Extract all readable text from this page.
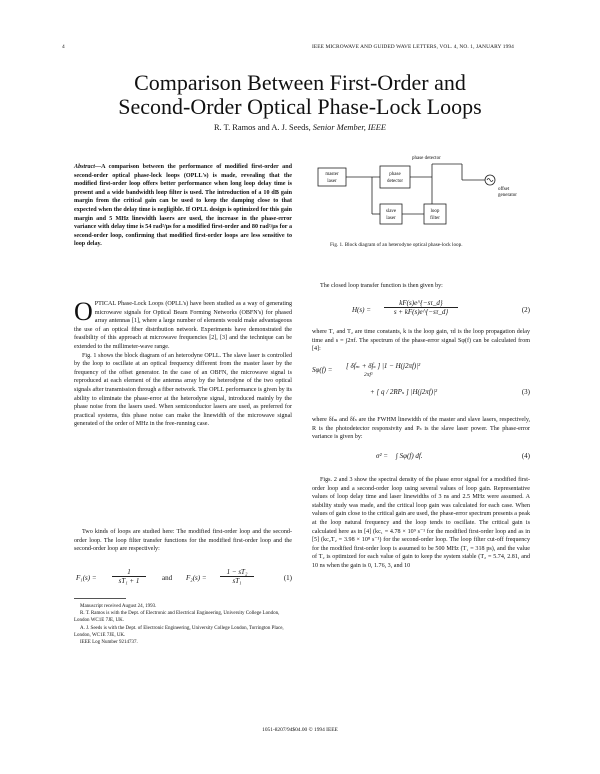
4	IEEE MICROWAVE AND GUIDED WAVE LETTERS, VOL. 4, NO. 1, JANUARY 1994
Comparison Between First-Order and
Second-Order Optical Phase-Lock Loops
R. T. Ramos and A. J. Seeds, Senior Member, IEEE
Abstract—A comparison between the performance of modified first-order and second-order optical phase-lock loops (OPLL's) is made, revealing that the modified first-order loop offers better performance when long loop delay time is present and a wide bandwidth loop filter is used. The introduction of a 10 dB gain margin from the critical gain can be used to keep the damping close to that expected when the delay time is negligible. If OPLL design is optimized for this gain margin and 5 MHz linewidth lasers are used, the increase in the phase-error variance with delay time is 54 rad²/μs for a modified first-order and 80 rad²/μs for a second-order loop, confirming that modified first-order loops are less sensitive to loop delay.
OPTICAL Phase-Lock Loops (OPLL's) have been studied as a way of generating microwave signals for Optical Beam Forming Networks (OBFN's) for phased array antennas [1], where a large number of elements would make advantageous the use of an optical fiber distribution network. Experiments have demonstrated the feasibility of this approach at microwave frequencies [2], [3] and the technique can be extended to the millimeter-wave range.
Fig. 1 shows the block diagram of an heterodyne OPLL. The slave laser is controlled by the loop to oscillate at an optical frequency different from the master laser by the frequency of the offset generator. In the case of an OBFN, the microwave signal is reproduced at each element of the antenna array by the heterodyne of the two optical signals after transmission through a fiber network. The OPLL performance is given by its ability to eliminate the phase-error at the heterodyne signal, introduced mainly by the phase noise from the lasers used. When semiconductor lasers are used, as preferred for practical systems, this phase noise can make the linewidth of the microwave signal generated of the order of MHz in the free-running case.
Two kinds of loops are studied here: The modified first-order loop and the second-order loop. The loop filter transfer functions for the modified first-order loop and the second-order loop are respectively:
$F_1(s) = \frac{1}{\text{sT₁ + 1}}$ and $F_2(s) = \frac{\text{1 − sT₂}}{\text{sT₁}}$	(1)
Manuscript received August 24, 1993.
R. T. Ramos is with the Dept. of Electronic and Electrical Engineering, University College London, London WC1E 7JE, UK.
A. J. Seeds is with the Dept. of Electronic Engineering, University College London, Torrington Place, London, WC1E 7JE, UK.
IEEE Log Number 9214737.
master
laser
phase
detector
phase detector
slave
laser
loop
filter
offset
generator
Fig. 1. Block diagram of an heterodyne optical phase-lock loop.
The closed loop transfer function is then given by:
$H(s) = \frac{kF(s)e\^{}\{-s\tau\_d\}}{s + kF(s)e\^{}\{-s\tau\_d\}}$	(2)
where T₁ and T₂ are time constants, k is the loop gain, τd is the loop propagation delay time and s = j2πf. The spectrum of the phase-error signal Sφ(f) can be calculated from [4]:
Sφ(f) = [ δfₘ + δfₛ ] |1 − H(j2πf)|²
2πf²
+ [ q / 2RPₛ ] |H(j2πf)|²	(3)
where δfₘ and δfₛ are the FWHM linewidth of the master and slave lasers, respectively, R is the photodetector responsivity and Pₛ is the slave laser power. The phase-error variance is given by:
σ² = ∫ Sφ(f) df.	(4)
Figs. 2 and 3 show the spectral density of the phase error signal for a modified first-order loop and a second-order loop using several values of loop gain. Representative values of loop delay time and laser linewidths of 3 ns and 2.5 MHz were assumed. A stability study was made, and the critical loop gain was calculated for each case. When values of gain close to the critical gain are used, the phase-error spectrum presents a peak at the loop natural frequency and the loop tends to oscillate. The critical gain is calculated here as in [4] (kc₁ = 4.78 × 10⁹ s⁻¹ for the modified first-order loop and as in [5] (kc₂T₂ = 3.98 × 10⁸ s⁻¹) for the second-order loop. The loop filter cut-off frequency for the modified first-order loop is assumed to be 500 MHz (T₁ = 318 ps), and the value of T₂ is optimized for each value of gain to keep the system stable (T₂ = 5.74, 2.81, and 10 ns when the gain is 0, 1.76, 3, and 10
1051-8207/94$04.00 © 1994 IEEE
